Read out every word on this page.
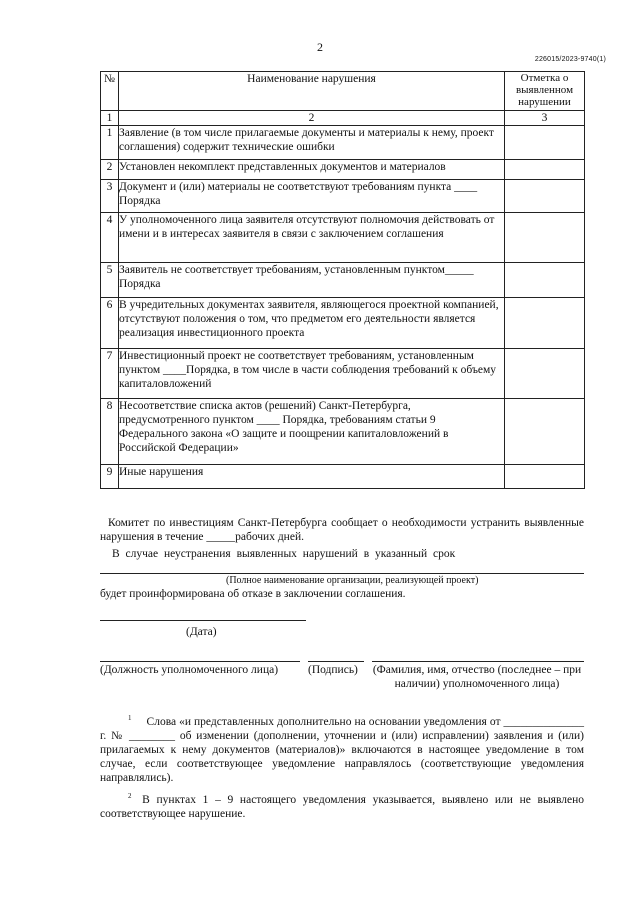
2
226015/2023-9740(1)
№	Наименование нарушения	Отметка о выявленном нарушении
1	2	3
1	Заявление (в том числе прилагаемые документы и материалы к нему, проект соглашения) содержит технические ошибки	
2	Установлен некомплект представленных документов и материалов	
3	Документ и (или) материалы не соответствуют требованиям пункта ____ Порядка	
4	У уполномоченного лица заявителя отсутствуют полномочия действовать от имени и в интересах заявителя в связи с заключением соглашения	
5	Заявитель не соответствует требованиям, установленным пунктом_____ Порядка	
6	В учредительных документах заявителя, являющегося проектной компанией, отсутствуют положения о том, что предметом его деятельности является реализация инвестиционного проекта	
7	Инвестиционный проект не соответствует требованиям, установленным пунктом ____Порядка, в том числе в части соблюдения требований к объему капиталовложений	
8	Несоответствие списка актов (решений) Санкт-Петербурга, предусмотренного пунктом ____ Порядка, требованиям статьи 9 Федерального закона «О защите и поощрении капиталовложений в Российской Федерации»	
9	Иные нарушения	
Комитет по инвестициям Санкт-Петербурга сообщает о необходимости устранить выявленные нарушения в течение _____рабочих дней.
В случае неустранения выявленных нарушений в указанный срок
(Полное наименование организации, реализующей проект)
будет проинформирована об отказе в заключении соглашения.
(Дата)
(Должность уполномоченного лица)	(Подпись)	(Фамилия, имя, отчество (последнее – при наличии) уполномоченного лица)
$^1$ Слова «и представленных дополнительно на основании уведомления от ______________ г. № ________ об изменении (дополнении, уточнении и (или) исправлении) заявления и (или) прилагаемых к нему документов (материалов)» включаются в настоящее уведомление в том случае, если соответствующее уведомление направлялось (соответствующие уведомления направлялись).
$^2$ В пунктах 1 – 9 настоящего уведомления указывается, выявлено или не выявлено соответствующее нарушение.
